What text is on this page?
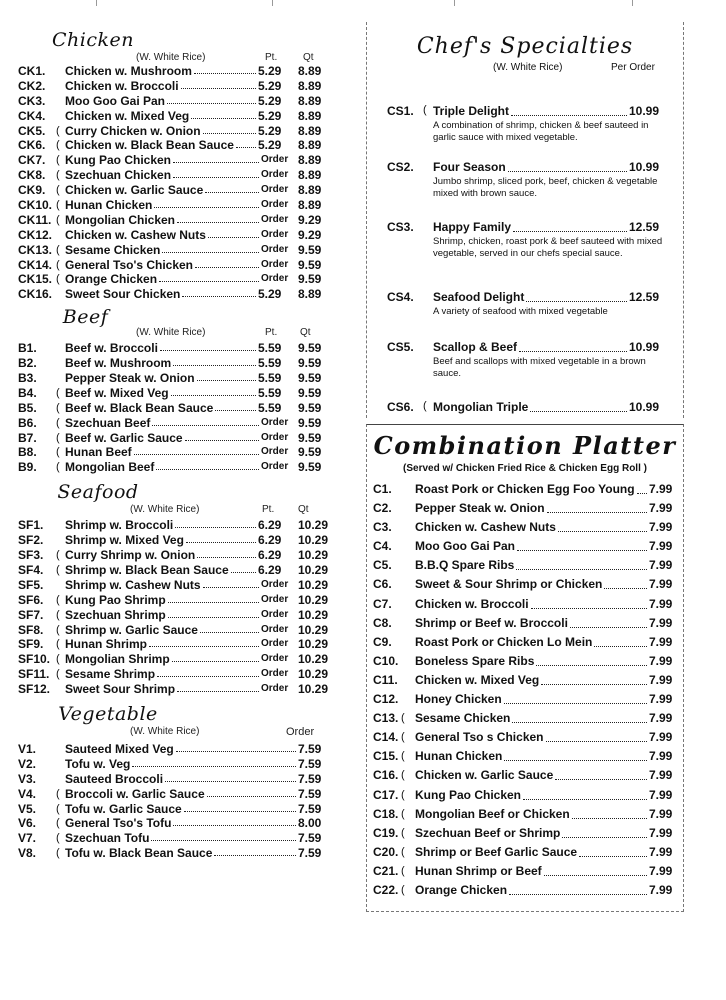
Chicken
(W. White Rice)	Pt.	Qt
CK1. Chicken w. Mushroom	5.29 8.89
CK2. Chicken w. Broccoli	5.29 8.89
CK3. Moo Goo Gai Pan	5.29 8.89
CK4. Chicken w. Mixed Veg	5.29 8.89
CK5. ( Curry Chicken w. Onion	5.29 8.89
CK6. ( Chicken w. Black Bean Sauce 5.29 8.89
CK7. ( Kung Pao Chicken	Order 8.89
CK8. ( Szechuan Chicken	Order 8.89
CK9. ( Chicken w. Garlic Sauce	Order 8.89
CK10. ( Hunan Chicken	Order 8.89
CK11. ( Mongolian Chicken	Order 9.29
CK12. Chicken w. Cashew Nuts	Order 9.29
CK13. ( Sesame Chicken	Order 9.59
CK14. ( General Tso's Chicken	Order 9.59
CK15. ( Orange Chicken	Order 9.59
CK16. Sweet Sour Chicken	5.29 8.89
Beef
(W. White Rice)	Pt. Qt
B1. Beef w. Broccoli	5.59 9.59
B2. Beef w. Mushroom	5.59 9.59
B3. Pepper Steak w. Onion	5.59 9.59
B4. ( Beef w. Mixed Veg	5.59 9.59
B5. ( Beef w. Black Bean Sauce	5.59 9.59
B6. ( Szechuan Beef	Order 9.59
B7. ( Beef w. Garlic Sauce	Order 9.59
B8. ( Hunan Beef	Order 9.59
B9. ( Mongolian Beef	Order 9.59
Seafood
(W. White Rice)	Pt. Qt
SF1. Shrimp w. Broccoli	6.29 10.29
SF2. Shrimp w. Mixed Veg	6.29 10.29
SF3. ( Curry Shrimp w. Onion	6.29 10.29
SF4. ( Shrimp w. Black Bean Sauce 6.29 10.29
SF5. Shrimp w. Cashew Nuts	Order 10.29
SF6. ( Kung Pao Shrimp	Order 10.29
SF7. ( Szechuan Shrimp	Order 10.29
SF8. ( Shrimp w. Garlic Sauce	Order 10.29
SF9. ( Hunan Shrimp	Order 10.29
SF10. ( Mongolian Shrimp	Order 10.29
SF11. ( Sesame Shrimp	Order 10.29
SF12. Sweet Sour Shrimp	Order 10.29
Vegetable
(W. White Rice)	Order
V1. Sauteed Mixed Veg	7.59
V2. Tofu w. Veg	7.59
V3. Sauteed Broccoli	7.59
V4. ( Broccoli w. Garlic Sauce	7.59
V5. ( Tofu w. Garlic Sauce	7.59
V6. ( General Tso's Tofu	8.00
V7. ( Szechuan Tofu	7.59
V8. ( Tofu w. Black Bean Sauce	7.59
Chef's Specialties
(W. White Rice)	Per Order
CS1. ( Triple Delight	10.99
A combination of shrimp, chicken & beef sauteed in garlic sauce with mixed vegetable.
CS2. Four Season	10.99
Jumbo shrimp, sliced pork, beef, chicken & vegetable mixed with brown sauce.
CS3. Happy Family	12.59
Shrimp, chicken, roast pork & beef sauteed with mixed vegetable, served in our chefs special sauce.
CS4. Seafood Delight	12.59
A variety of seafood with mixed vegetable
CS5. Scallop & Beef	10.99
Beef and scallops with mixed vegetable in a brown sauce.
CS6. ( Mongolian Triple	10.99
Combination Platter
(Served w/ Chicken Fried Rice & Chicken Egg Roll )
C1. Roast Pork or Chicken Egg Foo Young 7.99
C2. Pepper Steak w. Onion	7.99
C3. Chicken w. Cashew Nuts	7.99
C4. Moo Goo Gai Pan	7.99
C5. B.B.Q Spare Ribs	7.99
C6. Sweet & Sour Shrimp or Chicken	7.99
C7. Chicken w. Broccoli	7.99
C8. Shrimp or Beef w. Broccoli	7.99
C9. Roast Pork or Chicken Lo Mein	7.99
C10. Boneless Spare Ribs	7.99
C11. Chicken w. Mixed Veg	7.99
C12. Honey Chicken	7.99
C13. ( Sesame Chicken	7.99
C14. ( General Tso s Chicken	7.99
C15. ( Hunan Chicken	7.99
C16. ( Chicken w. Garlic Sauce	7.99
C17. ( Kung Pao Chicken	7.99
C18. ( Mongolian Beef or Chicken	7.99
C19. ( Szechuan Beef or Shrimp	7.99
C20. ( Shrimp or Beef Garlic Sauce	7.99
C21. ( Hunan Shrimp or Beef	7.99
C22. ( Orange Chicken	7.99
